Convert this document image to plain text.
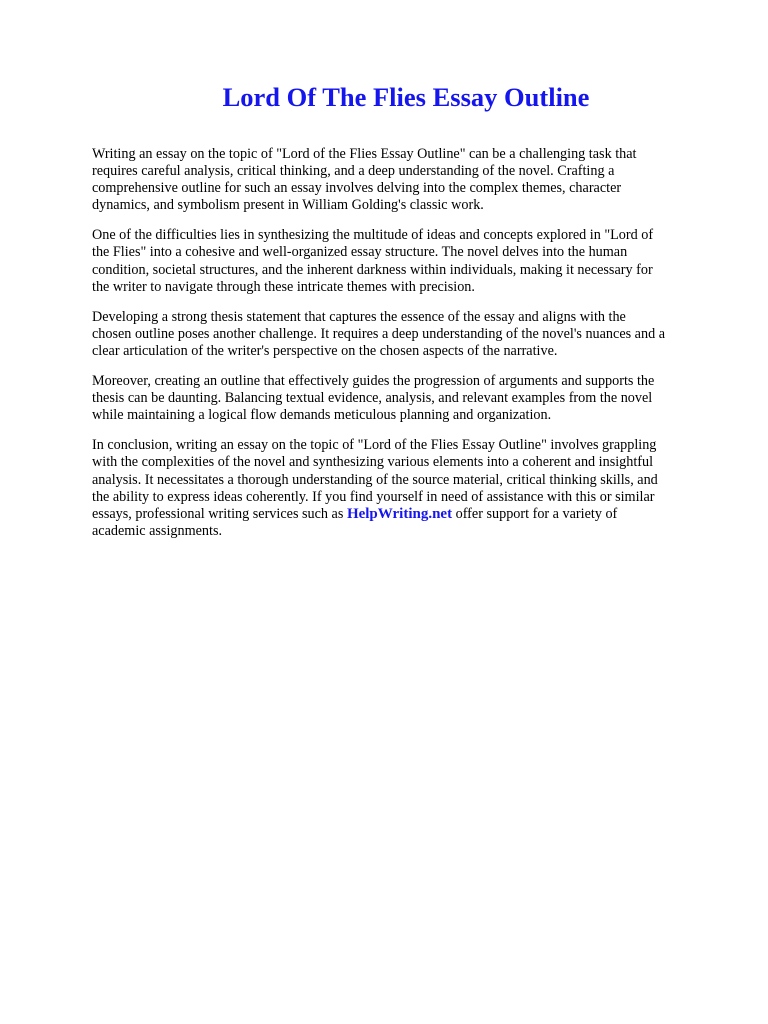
Lord Of The Flies Essay Outline

Writing an essay on the topic of "Lord of the Flies Essay Outline" can be a challenging task that
requires careful analysis, critical thinking, and a deep understanding of the novel. Crafting a
comprehensive outline for such an essay involves delving into the complex themes, character
dynamics, and symbolism present in William Golding's classic work.

One of the difficulties lies in synthesizing the multitude of ideas and concepts explored in "Lord of
the Flies" into a cohesive and well-organized essay structure. The novel delves into the human
condition, societal structures, and the inherent darkness within individuals, making it necessary for
the writer to navigate through these intricate themes with precision.

Developing a strong thesis statement that captures the essence of the essay and aligns with the
chosen outline poses another challenge. It requires a deep understanding of the novel's nuances and a
clear articulation of the writer's perspective on the chosen aspects of the narrative.

Moreover, creating an outline that effectively guides the progression of arguments and supports the
thesis can be daunting. Balancing textual evidence, analysis, and relevant examples from the novel
while maintaining a logical flow demands meticulous planning and organization.

In conclusion, writing an essay on the topic of "Lord of the Flies Essay Outline" involves grappling
with the complexities of the novel and synthesizing various elements into a coherent and insightful
analysis. It necessitates a thorough understanding of the source material, critical thinking skills, and
the ability to express ideas coherently. If you find yourself in need of assistance with this or similar
essays, professional writing services such as HelpWriting.net offer support for a variety of
academic assignments.
